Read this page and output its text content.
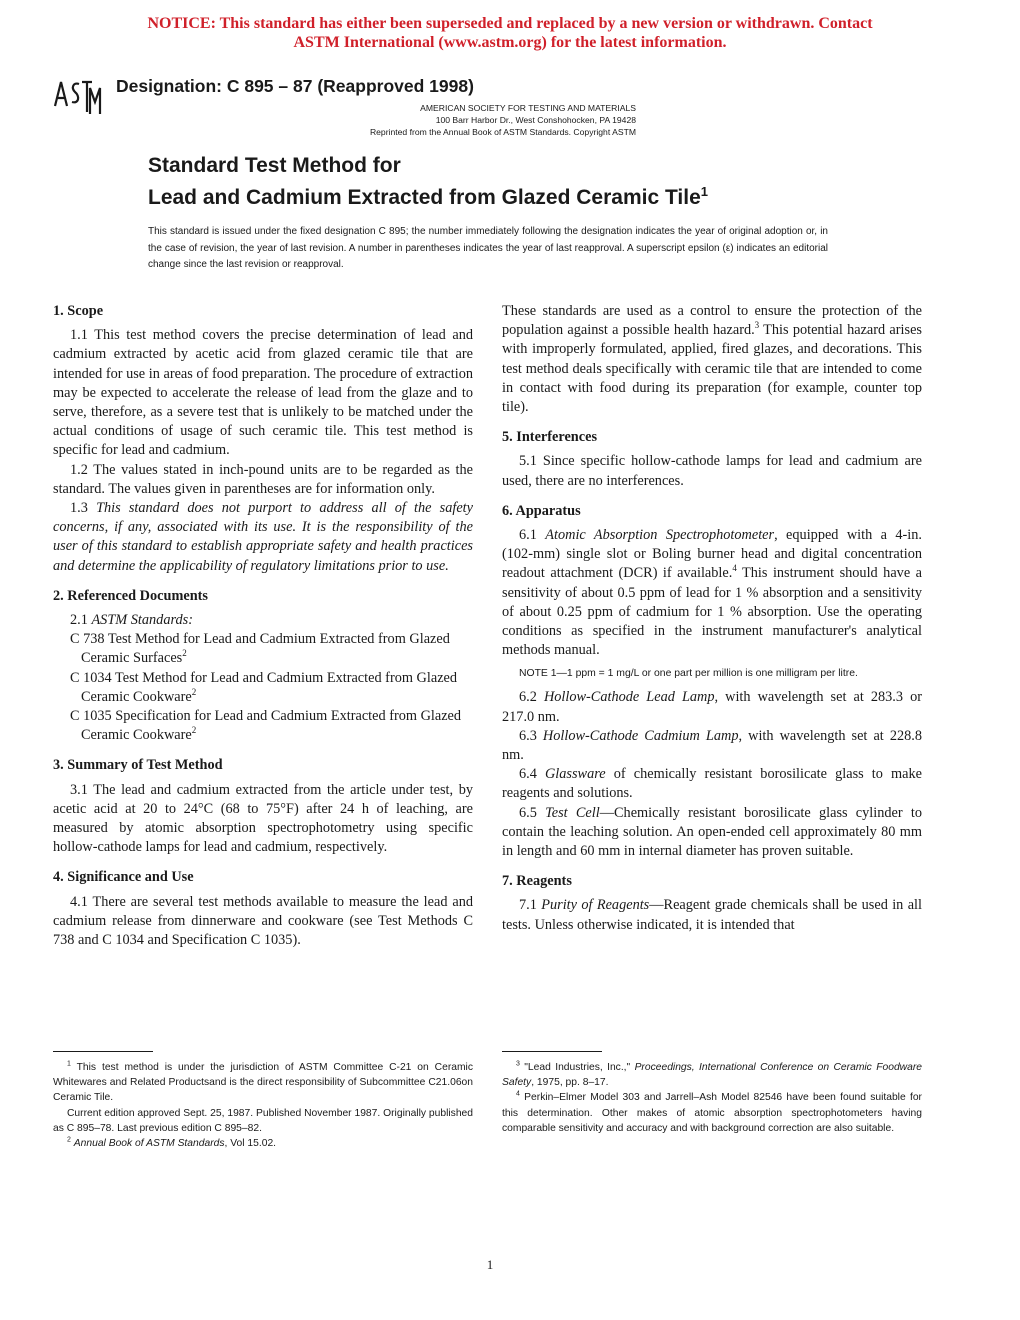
NOTICE: This standard has either been superseded and replaced by a new version or withdrawn. Contact
ASTM International (www.astm.org) for the latest information.
Designation: C 895 – 87 (Reapproved 1998)
AMERICAN SOCIETY FOR TESTING AND MATERIALS
100 Barr Harbor Dr., West Conshohocken, PA 19428
Reprinted from the Annual Book of ASTM Standards. Copyright ASTM
Standard Test Method for
Lead and Cadmium Extracted from Glazed Ceramic Tile$^1$
This standard is issued under the fixed designation C 895; the number immediately following the designation indicates the year of original adoption or, in the case of revision, the year of last revision. A number in parentheses indicates the year of last reapproval. A superscript epsilon (ε) indicates an editorial change since the last revision or reapproval.
1. Scope

1.1 This test method covers the precise determination of lead and cadmium extracted by acetic acid from glazed ceramic tile that are intended for use in areas of food preparation. The procedure of extraction may be expected to accelerate the release of lead from the glaze and to serve, therefore, as a severe test that is unlikely to be matched under the actual conditions of usage of such ceramic tile. This test method is specific for lead and cadmium.

1.2 The values stated in inch-pound units are to be regarded as the standard. The values given in parentheses are for information only.

1.3 This standard does not purport to address all of the safety concerns, if any, associated with its use. It is the responsibility of the user of this standard to establish appropriate safety and health practices and determine the applicability of regulatory limitations prior to use.

2. Referenced Documents

2.1 ASTM Standards:

C 738 Test Method for Lead and Cadmium Extracted from Glazed Ceramic Surfaces$^2$

C 1034 Test Method for Lead and Cadmium Extracted from Glazed Ceramic Cookware$^2$

C 1035 Specification for Lead and Cadmium Extracted from Glazed Ceramic Cookware$^2$

3. Summary of Test Method

3.1 The lead and cadmium extracted from the article under test, by acetic acid at 20 to 24°C (68 to 75°F) after 24 h of leaching, are measured by atomic absorption spectrophotometry using specific hollow-cathode lamps for lead and cadmium, respectively.

4. Significance and Use

4.1 There are several test methods available to measure the lead and cadmium release from dinnerware and cookware (see Test Methods C 738 and C 1034 and Specification C 1035).

These standards are used as a control to ensure the protection of the population against a possible health hazard.$^3$ This potential hazard arises with improperly formulated, applied, fired glazes, and decorations. This test method deals specifically with ceramic tile that are intended to come in contact with food during its preparation (for example, counter top tile).

5. Interferences

5.1 Since specific hollow-cathode lamps for lead and cadmium are used, there are no interferences.

6. Apparatus

6.1 Atomic Absorption Spectrophotometer, equipped with a 4-in. (102-mm) single slot or Boling burner head and digital concentration readout attachment (DCR) if available.$^4$ This instrument should have a sensitivity of about 0.5 ppm of lead for 1 % absorption and a sensitivity of about 0.25 ppm of cadmium for 1 % absorption. Use the operating conditions as specified in the instrument manufacturer's analytical methods manual.

NOTE 1—1 ppm = 1 mg/L or one part per million is one milligram per litre.

6.2 Hollow-Cathode Lead Lamp, with wavelength set at 283.3 or 217.0 nm.

6.3 Hollow-Cathode Cadmium Lamp, with wavelength set at 228.8 nm.

6.4 Glassware of chemically resistant borosilicate glass to make reagents and solutions.

6.5 Test Cell—Chemically resistant borosilicate glass cylinder to contain the leaching solution. An open-ended cell approximately 80 mm in length and 60 mm in internal diameter has proven suitable.

7. Reagents

7.1 Purity of Reagents—Reagent grade chemicals shall be used in all tests. Unless otherwise indicated, it is intended that

$^1$ This test method is under the jurisdiction of ASTM Committee C-21 on Ceramic Whitewares and Related Productsand is the direct responsibility of Subcommittee C21.06on Ceramic Tile.

Current edition approved Sept. 25, 1987. Published November 1987. Originally published as C 895–78. Last previous edition C 895–82.

$^2$ Annual Book of ASTM Standards, Vol 15.02.

$^3$ "Lead Industries, Inc.," Proceedings, International Conference on Ceramic Foodware Safety, 1975, pp. 8–17.

$^4$ Perkin–Elmer Model 303 and Jarrell–Ash Model 82546 have been found suitable for this determination. Other makes of atomic absorption spectrophotometers having comparable sensitivity and accuracy and with background correction are also suitable.

1
